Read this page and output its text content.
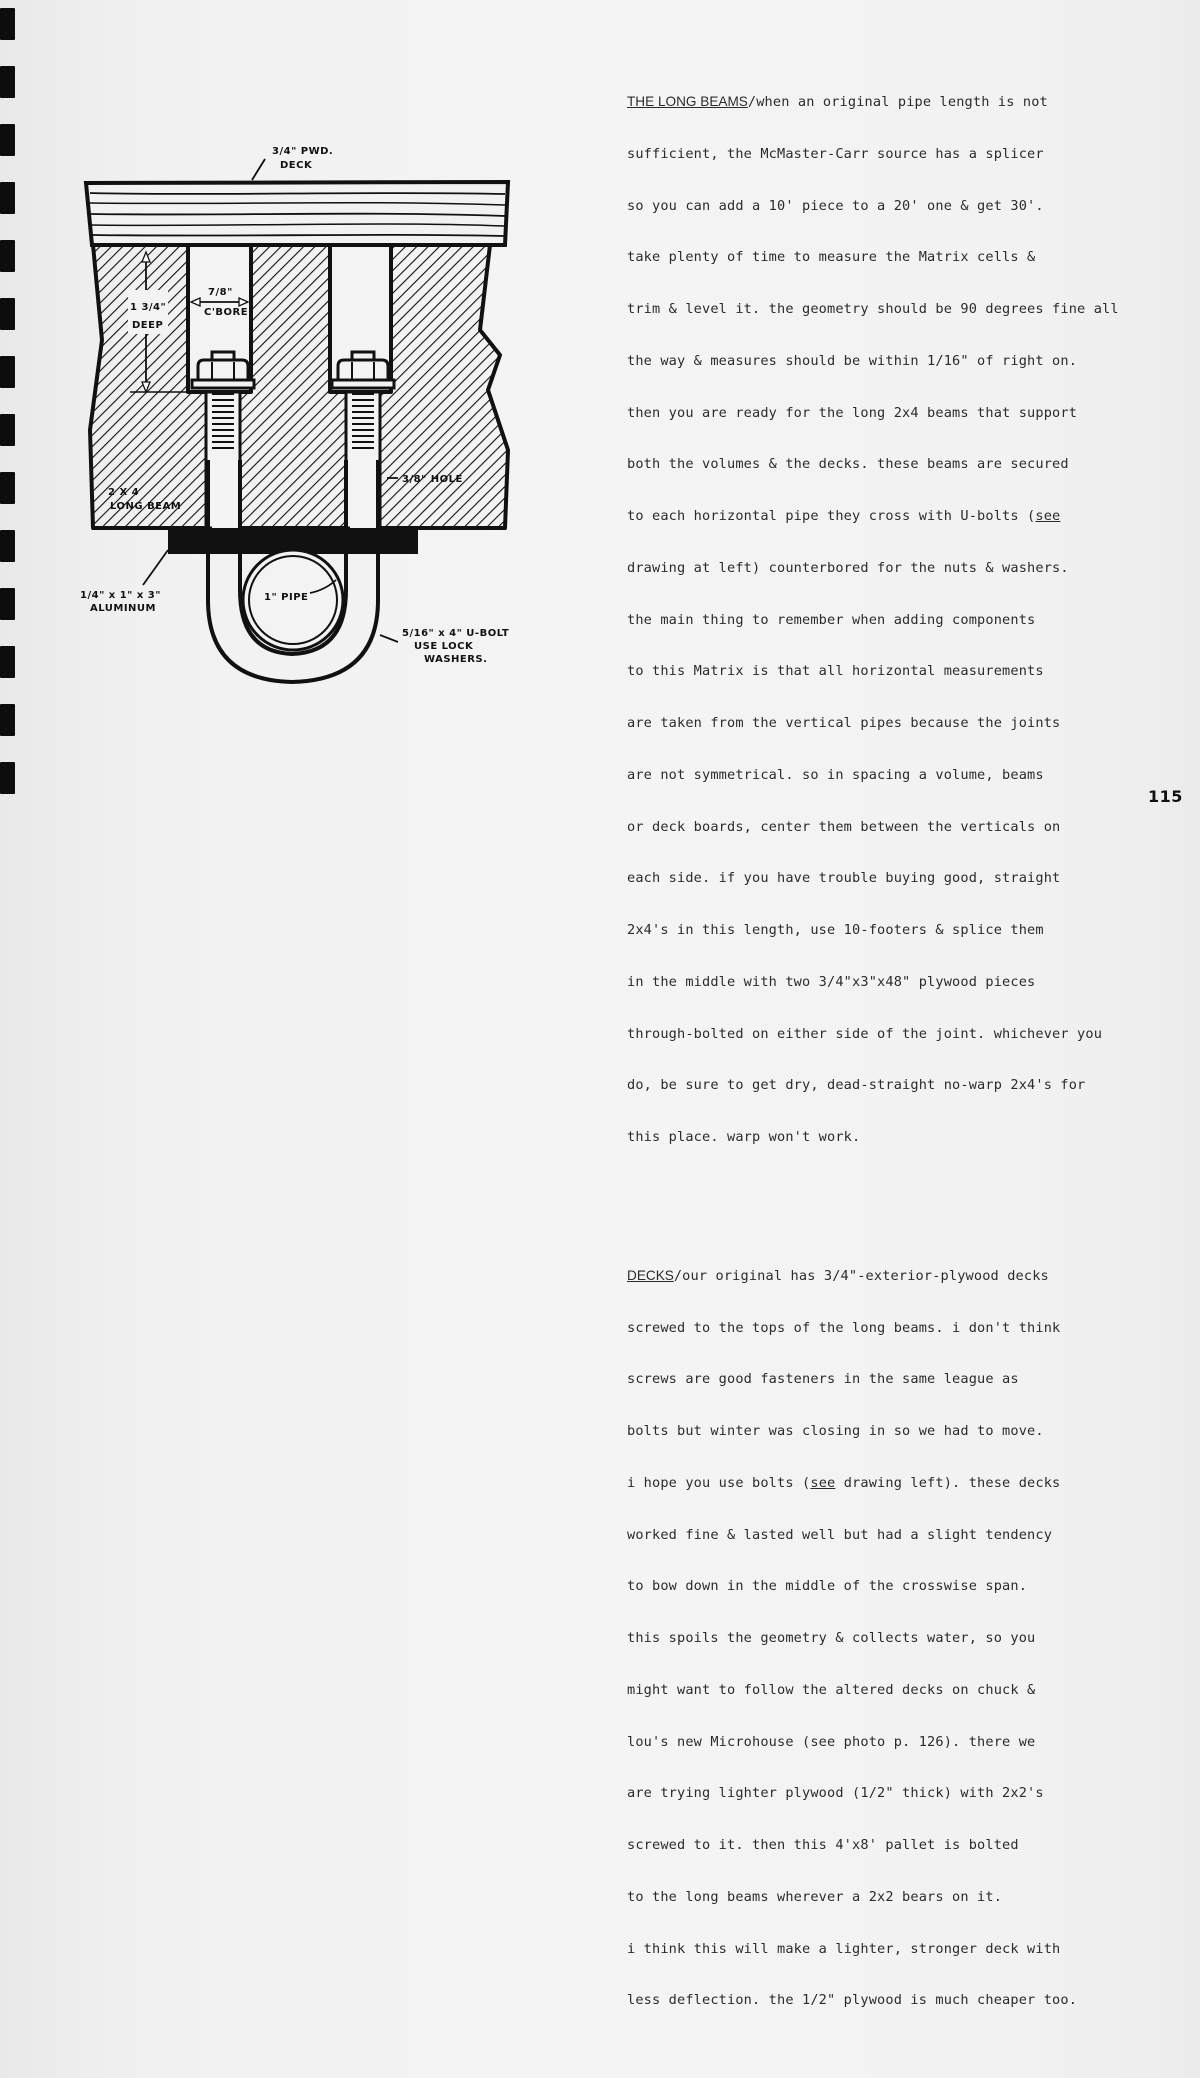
3/4" PWD.
DECK
7/8"
C'BORE
1 3/4"
DEEP
3/8" HOLE
2 X 4
LONG BEAM
1/4" x 1" x 3"
ALUMINUM
1" PIPE
5/16" x 4" U-BOLT
USE LOCK
WASHERS.

THE LONG BEAMS/when an original pipe length is not

sufficient, the McMaster-Carr source has a splicer

so you can add a 10' piece to a 20' one & get 30'.

take plenty of time to measure the Matrix cells &

trim & level it. the geometry should be 90 degrees fine all

the way & measures should be within 1/16" of right on.

then you are ready for the long 2x4 beams that support

both the volumes & the decks. these beams are secured

to each horizontal pipe they cross with U-bolts (see

drawing at left) counterbored for the nuts & washers.

the main thing to remember when adding components

to this Matrix is that all horizontal measurements

are taken from the vertical pipes because the joints

are not symmetrical. so in spacing a volume, beams

or deck boards, center them between the verticals on

each side. if you have trouble buying good, straight

2x4's in this length, use 10-footers & splice them

in the middle with two 3/4"x3"x48" plywood pieces

through-bolted on either side of the joint. whichever you

do, be sure to get dry, dead-straight no-warp 2x4's for

this place. warp won't work.

DECKS/our original has 3/4"-exterior-plywood decks

screwed to the tops of the long beams. i don't think

screws are good fasteners in the same league as

bolts but winter was closing in so we had to move.

i hope you use bolts (see drawing left). these decks

worked fine & lasted well but had a slight tendency

to bow down in the middle of the crosswise span.

this spoils the geometry & collects water, so you

might want to follow the altered decks on chuck &

lou's new Microhouse (see photo p. 126). there we

are trying lighter plywood (1/2" thick) with 2x2's

screwed to it. then this 4'x8' pallet is bolted

to the long beams wherever a 2x2 bears on it.

i think this will make a lighter, stronger deck with

less deflection. the 1/2" plywood is much cheaper too.

115
